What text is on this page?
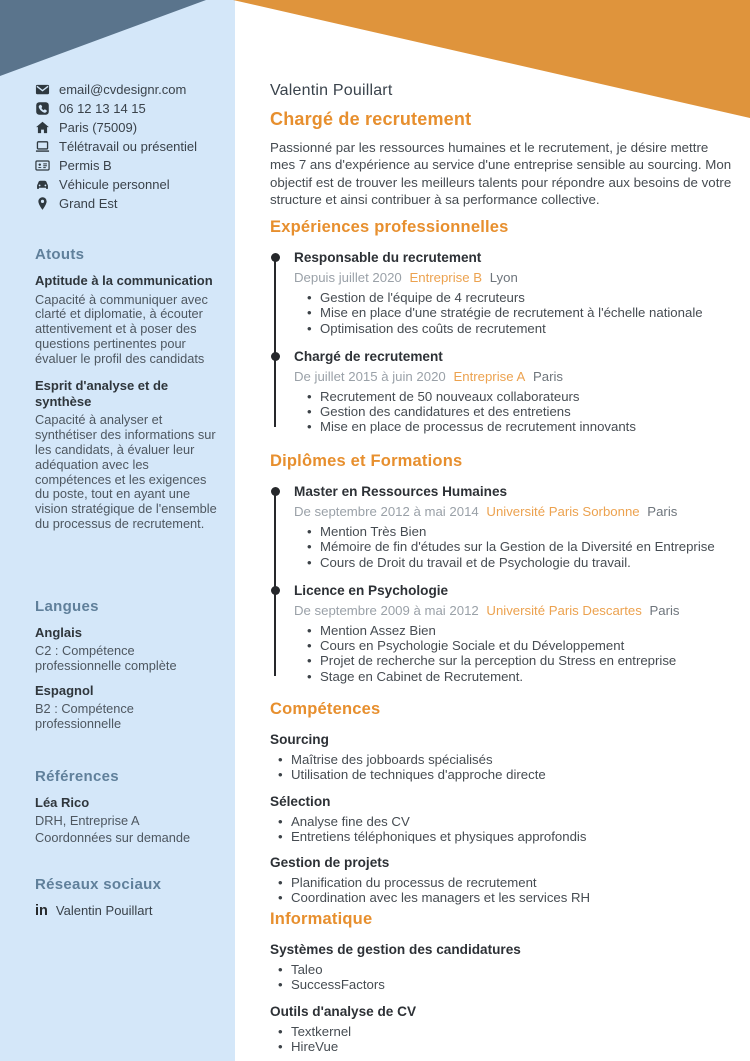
email@cvdesignr.com
06 12 13 14 15
Paris (75009)
Télétravail ou présentiel
Permis B
Véhicule personnel
Grand Est
Atouts

Aptitude à la communication

Capacité à communiquer avec clarté et diplomatie, à écouter attentivement et à poser des questions pertinentes pour évaluer le profil des candidats

Esprit d'analyse et de synthèse

Capacité à analyser et synthétiser des informations sur les candidats, à évaluer leur adéquation avec les compétences et les exigences du poste, tout en ayant une vision stratégique de l'ensemble du processus de recrutement.

Langues

Anglais

C2 : Compétence professionnelle complète

Espagnol

B2 : Compétence professionnelle

Références

Léa Rico

DRH, Entreprise A

Coordonnées sur demande

Réseaux sociaux
in Valentin Pouillart

Valentin Pouillart

Chargé de recrutement

Passionné par les ressources humaines et le recrutement, je désire mettre mes 7 ans d'expérience au service d'une entreprise sensible au sourcing. Mon objectif est de trouver les meilleurs talents pour répondre aux besoins de votre structure et ainsi contribuer à sa performance collective.

Expériences professionnelles

Responsable du recrutement

Depuis juillet 2020 Entreprise B Lyon

• Gestion de l'équipe de 4 recruteurs
• Mise en place d'une stratégie de recrutement à l'échelle nationale
• Optimisation des coûts de recrutement

Chargé de recrutement

De juillet 2015 à juin 2020 Entreprise A Paris

• Recrutement de 50 nouveaux collaborateurs
• Gestion des candidatures et des entretiens
• Mise en place de processus de recrutement innovants
Diplômes et Formations

Master en Ressources Humaines

De septembre 2012 à mai 2014 Université Paris Sorbonne Paris

• Mention Très Bien
• Mémoire de fin d'études sur la Gestion de la Diversité en Entreprise
• Cours de Droit du travail et de Psychologie du travail.

Licence en Psychologie

De septembre 2009 à mai 2012 Université Paris Descartes Paris

• Mention Assez Bien
• Cours en Psychologie Sociale et du Développement
• Projet de recherche sur la perception du Stress en entreprise
• Stage en Cabinet de Recrutement.
Compétences

Sourcing

• Maîtrise des jobboards spécialisés
• Utilisation de techniques d'approche directe

Sélection

• Analyse fine des CV
• Entretiens téléphoniques et physiques approfondis

Gestion de projets

• Planification du processus de recrutement
• Coordination avec les managers et les services RH
Informatique

Systèmes de gestion des candidatures

• Taleo
• SuccessFactors

Outils d'analyse de CV

• Textkernel
• HireVue
